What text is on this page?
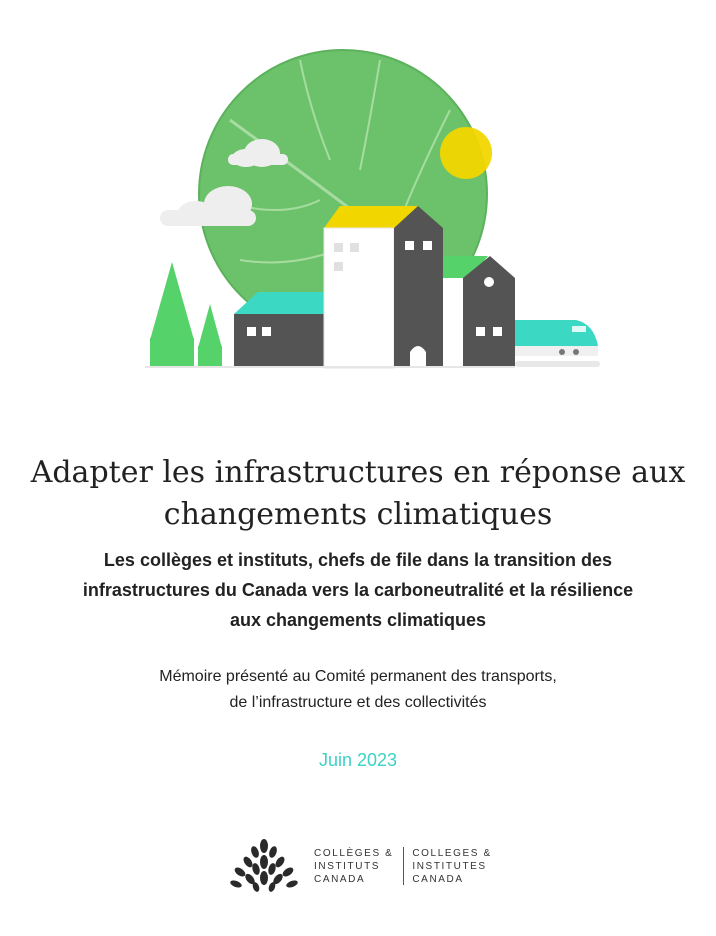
Adapter les infrastructures en réponse aux
changements climatiques

Les collèges et instituts, chefs de file dans la transition des
infrastructures du Canada vers la carboneutralité et la résilience
aux changements climatiques

Mémoire présenté au Comité permanent des transports,
de l’infrastructure et des collectivités
Juin 2023
COLLÈGES &
INSTITUTS
CANADA
COLLEGES &
INSTITUTES
CANADA
